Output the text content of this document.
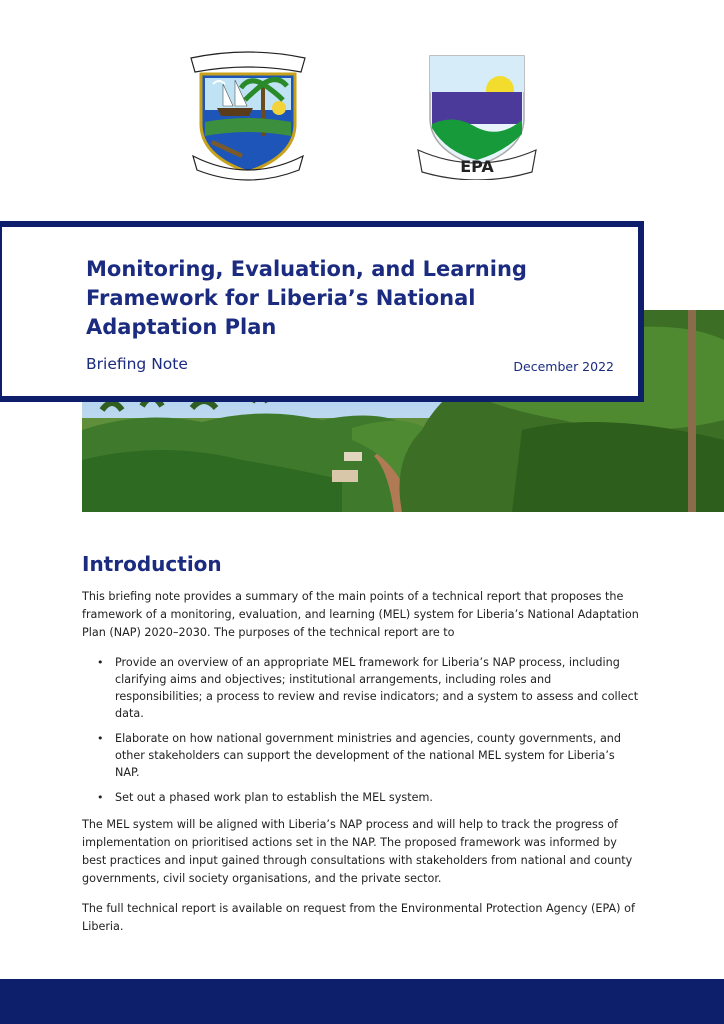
EPA
Monitoring, Evaluation, and Learning Framework for Liberia’s National Adaptation Plan
Briefing Note	December 2022
Introduction

This briefing note provides a summary of the main points of a technical report that proposes the framework of a monitoring, evaluation, and learning (MEL) system for Liberia’s National Adaptation Plan (NAP) 2020–2030. The purposes of the technical report are to

• Provide an overview of an appropriate MEL framework for Liberia’s NAP process, including clarifying aims and objectives; institutional arrangements, including roles and responsibilities; a process to review and revise indicators; and a system to assess and collect data.
• Elaborate on how national government ministries and agencies, county governments, and other stakeholders can support the development of the national MEL system for Liberia’s NAP.
• Set out a phased work plan to establish the MEL system.

The MEL system will be aligned with Liberia’s NAP process and will help to track the progress of implementation on prioritised actions set in the NAP. The proposed framework was informed by best practices and input gained through consultations with stakeholders from national and county governments, civil society organisations, and the private sector.

The full technical report is available on request from the Environmental Protection Agency (EPA) of Liberia.
